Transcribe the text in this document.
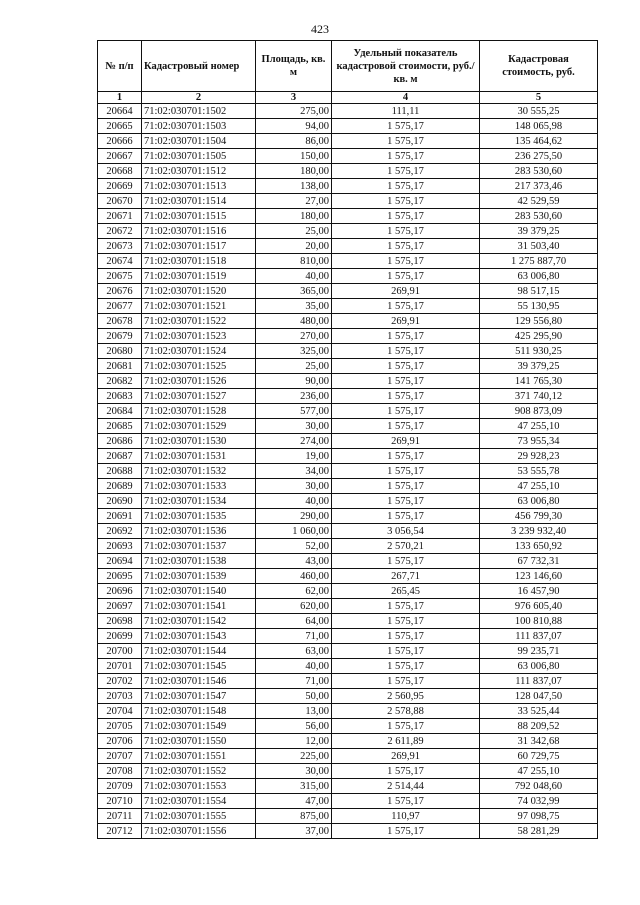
423
№ п/п	Кадастровый номер	Площадь, кв. м	Удельный показатель кадастровой стоимости, руб./кв. м	Кадастровая стоимость, руб.
1	2	3	4	5
20664	71:02:030701:1502	275,00	111,11	30 555,25
20665	71:02:030701:1503	94,00	1 575,17	148 065,98
20666	71:02:030701:1504	86,00	1 575,17	135 464,62
20667	71:02:030701:1505	150,00	1 575,17	236 275,50
20668	71:02:030701:1512	180,00	1 575,17	283 530,60
20669	71:02:030701:1513	138,00	1 575,17	217 373,46
20670	71:02:030701:1514	27,00	1 575,17	42 529,59
20671	71:02:030701:1515	180,00	1 575,17	283 530,60
20672	71:02:030701:1516	25,00	1 575,17	39 379,25
20673	71:02:030701:1517	20,00	1 575,17	31 503,40
20674	71:02:030701:1518	810,00	1 575,17	1 275 887,70
20675	71:02:030701:1519	40,00	1 575,17	63 006,80
20676	71:02:030701:1520	365,00	269,91	98 517,15
20677	71:02:030701:1521	35,00	1 575,17	55 130,95
20678	71:02:030701:1522	480,00	269,91	129 556,80
20679	71:02:030701:1523	270,00	1 575,17	425 295,90
20680	71:02:030701:1524	325,00	1 575,17	511 930,25
20681	71:02:030701:1525	25,00	1 575,17	39 379,25
20682	71:02:030701:1526	90,00	1 575,17	141 765,30
20683	71:02:030701:1527	236,00	1 575,17	371 740,12
20684	71:02:030701:1528	577,00	1 575,17	908 873,09
20685	71:02:030701:1529	30,00	1 575,17	47 255,10
20686	71:02:030701:1530	274,00	269,91	73 955,34
20687	71:02:030701:1531	19,00	1 575,17	29 928,23
20688	71:02:030701:1532	34,00	1 575,17	53 555,78
20689	71:02:030701:1533	30,00	1 575,17	47 255,10
20690	71:02:030701:1534	40,00	1 575,17	63 006,80
20691	71:02:030701:1535	290,00	1 575,17	456 799,30
20692	71:02:030701:1536	1 060,00	3 056,54	3 239 932,40
20693	71:02:030701:1537	52,00	2 570,21	133 650,92
20694	71:02:030701:1538	43,00	1 575,17	67 732,31
20695	71:02:030701:1539	460,00	267,71	123 146,60
20696	71:02:030701:1540	62,00	265,45	16 457,90
20697	71:02:030701:1541	620,00	1 575,17	976 605,40
20698	71:02:030701:1542	64,00	1 575,17	100 810,88
20699	71:02:030701:1543	71,00	1 575,17	111 837,07
20700	71:02:030701:1544	63,00	1 575,17	99 235,71
20701	71:02:030701:1545	40,00	1 575,17	63 006,80
20702	71:02:030701:1546	71,00	1 575,17	111 837,07
20703	71:02:030701:1547	50,00	2 560,95	128 047,50
20704	71:02:030701:1548	13,00	2 578,88	33 525,44
20705	71:02:030701:1549	56,00	1 575,17	88 209,52
20706	71:02:030701:1550	12,00	2 611,89	31 342,68
20707	71:02:030701:1551	225,00	269,91	60 729,75
20708	71:02:030701:1552	30,00	1 575,17	47 255,10
20709	71:02:030701:1553	315,00	2 514,44	792 048,60
20710	71:02:030701:1554	47,00	1 575,17	74 032,99
20711	71:02:030701:1555	875,00	110,97	97 098,75
20712	71:02:030701:1556	37,00	1 575,17	58 281,29
